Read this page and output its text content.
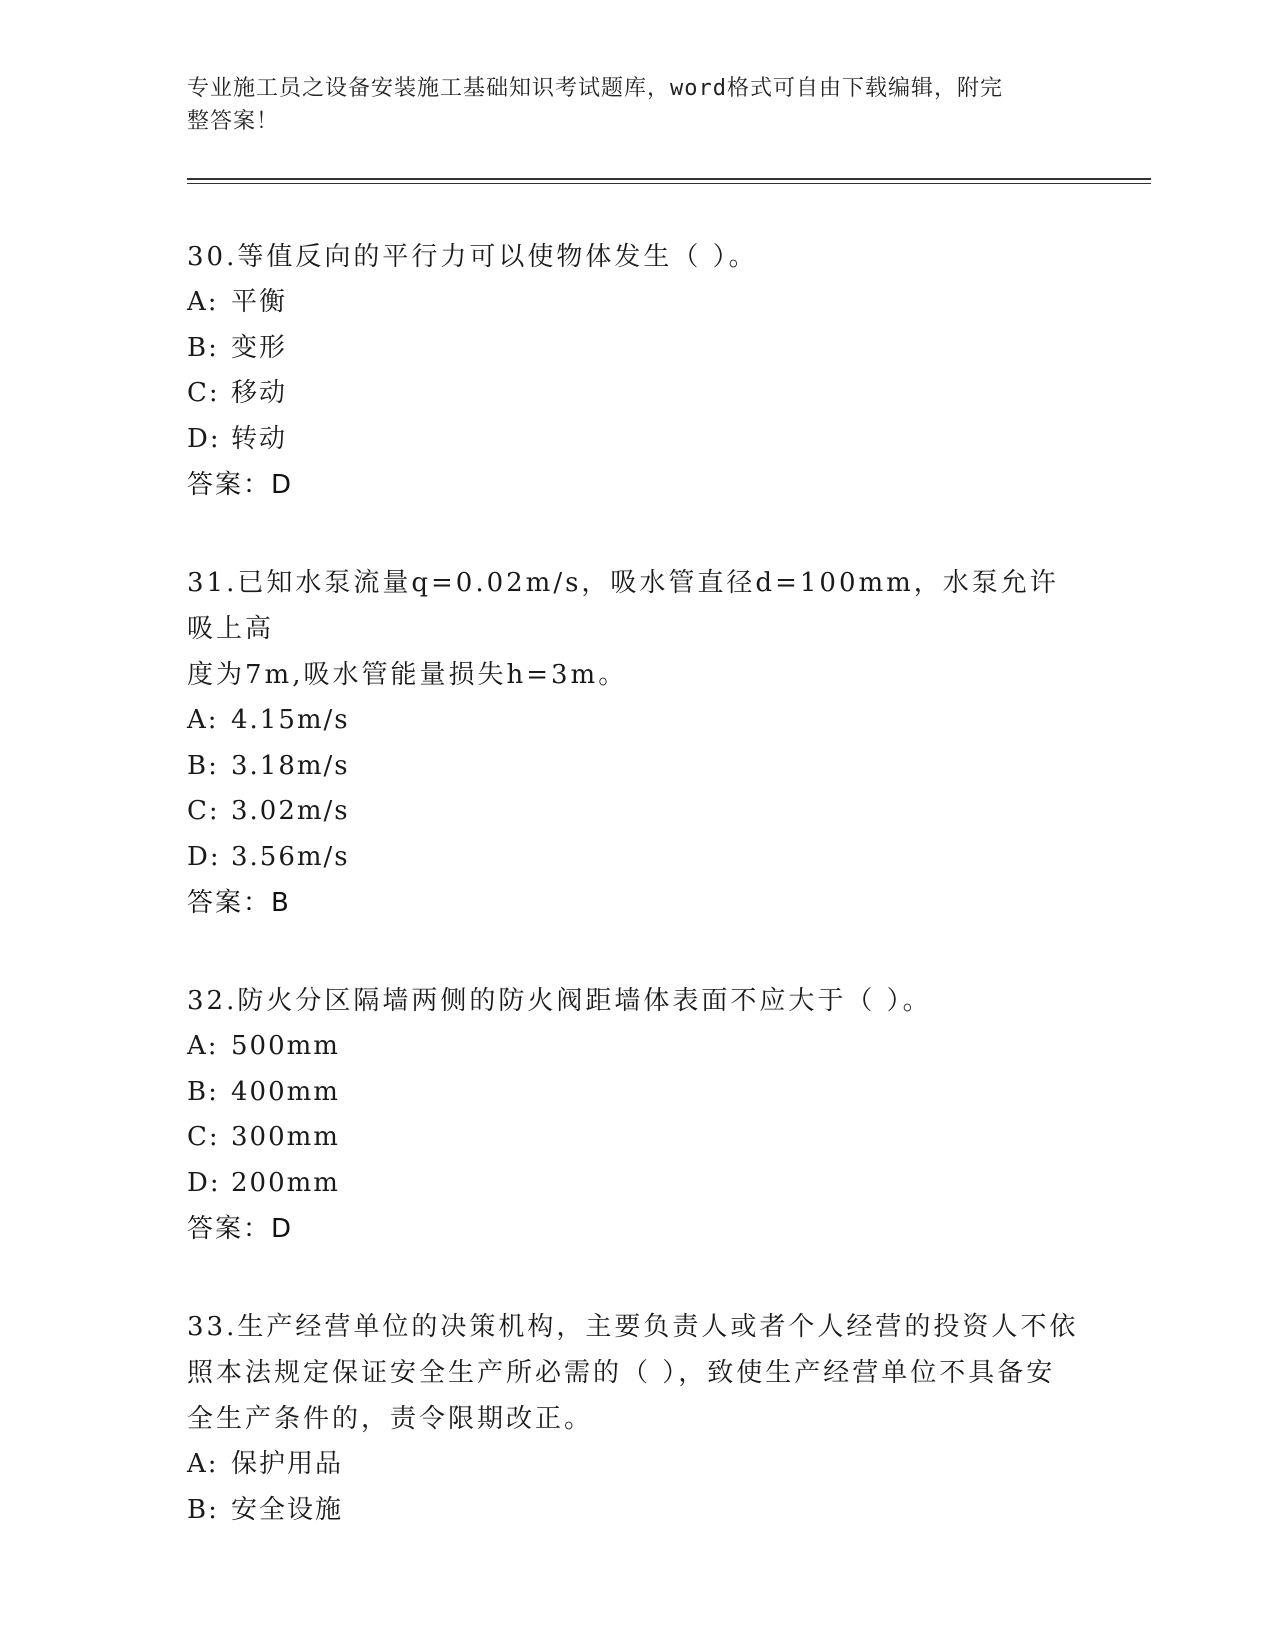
专业施工员之设备安装施工基础知识考试题库，word格式可自由下载编辑，附完
整答案！
30.等值反向的平行力可以使物体发生（ ）。
A: 平衡
B: 变形
C: 移动
D: 转动
答案：D
31.已知水泵流量q=0.02m/s，吸水管直径d=100mm，水泵允许吸上高
度为7m,吸水管能量损失h=3m。
A: 4.15m/s
B: 3.18m/s
C: 3.02m/s
D: 3.56m/s
答案：B
32.防火分区隔墙两侧的防火阀距墙体表面不应大于（ ）。
A: 500mm
B: 400mm
C: 300mm
D: 200mm
答案：D
33.生产经营单位的决策机构，主要负责人或者个人经营的投资人不依
照本法规定保证安全生产所必需的（ ），致使生产经营单位不具备安
全生产条件的，责令限期改正。
A: 保护用品
B: 安全设施
